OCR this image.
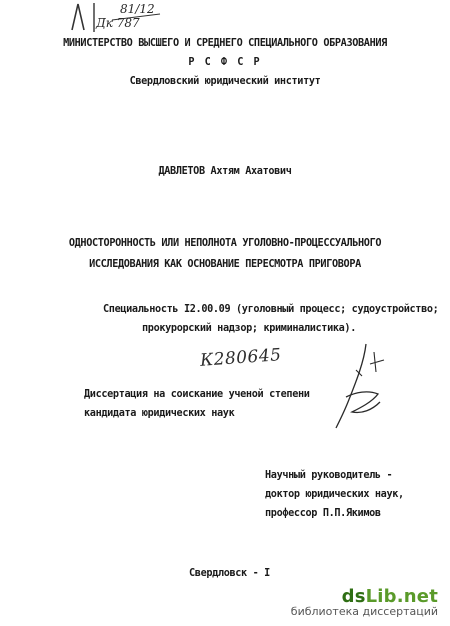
81/12
Дк 787
МИНИСТЕРСТВО ВЫСШЕГО И СРЕДНЕГО СПЕЦИАЛЬНОГО ОБРАЗОВАНИЯ
Р С Ф С Р
Свердловский юридический институт
ДАВЛЕТОВ Ахтям Ахатович
ОДНОСТОРОННОСТЬ ИЛИ НЕПОЛНОТА УГОЛОВНО-ПРОЦЕССУАЛЬНОГО
ИССЛЕДОВАНИЯ КАК ОСНОВАНИЕ ПЕРЕСМОТРА ПРИГОВОРА
Специальность I2.00.09 (уголовный процесс; судоустройство;
прокурорский надзор; криминалистика).
К280645
Диссертация на соискание ученой степени
кандидата юридических наук
Научный руководитель -
доктор юридических наук,
профессор П.П.Якимов
Свердловск - I
dsLib.net
библиотека диссертаций
